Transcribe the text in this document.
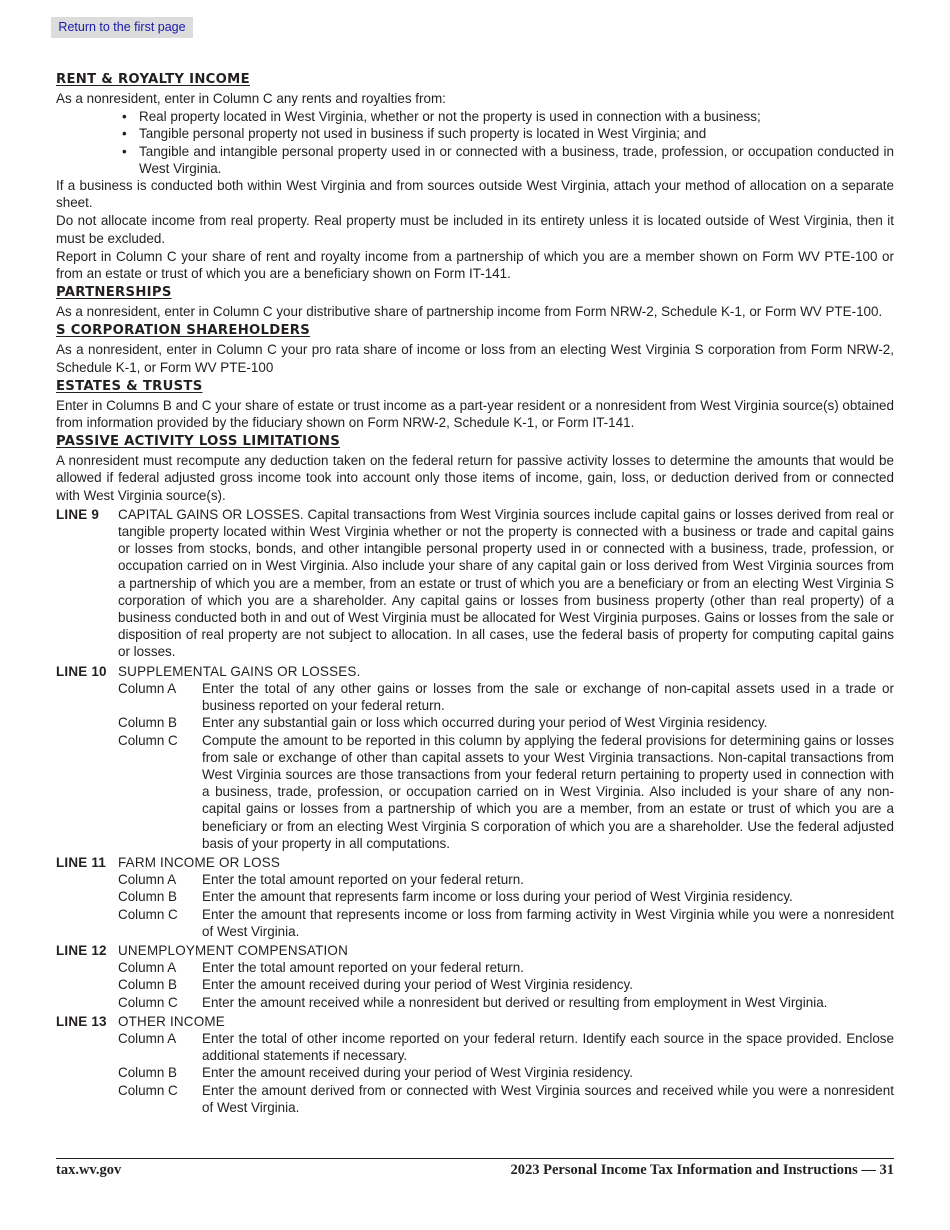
Return to the first page
RENT & ROYALTY INCOME

As a nonresident, enter in Column C any rents and royalties from:

• Real property located in West Virginia, whether or not the property is used in connection with a business;
• Tangible personal property not used in business if such property is located in West Virginia; and
• Tangible and intangible personal property used in or connected with a business, trade, profession, or occupation conducted in West Virginia.

If a business is conducted both within West Virginia and from sources outside West Virginia, attach your method of allocation on a separate sheet.

Do not allocate income from real property. Real property must be included in its entirety unless it is located outside of West Virginia, then it must be excluded.

Report in Column C your share of rent and royalty income from a partnership of which you are a member shown on Form WV PTE-100 or from an estate or trust of which you are a beneficiary shown on Form IT-141.

PARTNERSHIPS

As a nonresident, enter in Column C your distributive share of partnership income from Form NRW-2, Schedule K-1, or Form WV PTE-100.

S CORPORATION SHAREHOLDERS

As a nonresident, enter in Column C your pro rata share of income or loss from an electing West Virginia S corporation from Form NRW-2, Schedule K-1, or Form WV PTE-100

ESTATES & TRUSTS

Enter in Columns B and C your share of estate or trust income as a part-year resident or a nonresident from West Virginia source(s) obtained from information provided by the fiduciary shown on Form NRW-2, Schedule K-1, or Form IT-141.

PASSIVE ACTIVITY LOSS LIMITATIONS

A nonresident must recompute any deduction taken on the federal return for passive activity losses to determine the amounts that would be allowed if federal adjusted gross income took into account only those items of income, gain, loss, or deduction derived from or connected with West Virginia source(s).

LINE 9	CAPITAL GAINS OR LOSSES. Capital transactions from West Virginia sources include capital gains or losses derived from real or tangible property located within West Virginia whether or not the property is connected with a business or trade and capital gains or losses from stocks, bonds, and other intangible personal property used in or connected with a business, trade, profession, or occupation carried on in West Virginia. Also include your share of any capital gain or loss derived from West Virginia sources from a partnership of which you are a member, from an estate or trust of which you are a beneficiary or from an electing West Virginia S corporation of which you are a shareholder. Any capital gains or losses from business property (other than real property) of a business conducted both in and out of West Virginia must be allocated for West Virginia purposes. Gains or losses from the sale or disposition of real property are not subject to allocation. In all cases, use the federal basis of property for computing capital gains or losses.
LINE 10 SUPPLEMENTAL GAINS OR LOSSES.
Column A	Enter the total of any other gains or losses from the sale or exchange of non-capital assets used in a trade or business reported on your federal return.
Column B	Enter any substantial gain or loss which occurred during your period of West Virginia residency.
Column C	Compute the amount to be reported in this column by applying the federal provisions for determining gains or losses from sale or exchange of other than capital assets to your West Virginia transactions. Non-capital transactions from West Virginia sources are those transactions from your federal return pertaining to property used in connection with a business, trade, profession, or occupation carried on in West Virginia. Also included is your share of any non-capital gains or losses from a partnership of which you are a member, from an estate or trust of which you are a beneficiary or from an electing West Virginia S corporation of which you are a shareholder. Use the federal adjusted basis of your property in all computations.
LINE 11 FARM INCOME OR LOSS
Column A	Enter the total amount reported on your federal return.
Column B	Enter the amount that represents farm income or loss during your period of West Virginia residency.
Column C	Enter the amount that represents income or loss from farming activity in West Virginia while you were a nonresident of West Virginia.
LINE 12 UNEMPLOYMENT COMPENSATION
Column A	Enter the total amount reported on your federal return.
Column B	Enter the amount received during your period of West Virginia residency.
Column C	Enter the amount received while a nonresident but derived or resulting from employment in West Virginia.
LINE 13 OTHER INCOME
Column A	Enter the total of other income reported on your federal return. Identify each source in the space provided. Enclose additional statements if necessary.
Column B	Enter the amount received during your period of West Virginia residency.
Column C	Enter the amount derived from or connected with West Virginia sources and received while you were a nonresident of West Virginia.
tax.wv.gov	2023 Personal Income Tax Information and Instructions — 31
